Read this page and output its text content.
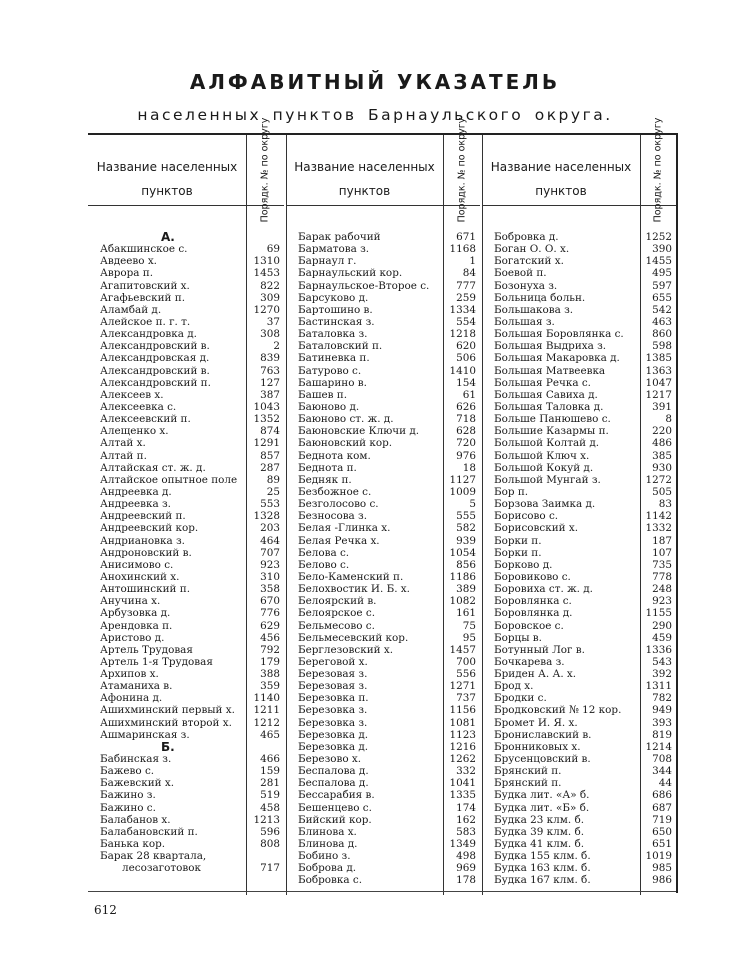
АЛФАВИТНЫЙ УКАЗАТЕЛЬ
населенных пунктов Барнаульского округа.
Название населенных пунктов	Порядк. № по округу
А.
Абакшинское с.	69
Авдеево х.	1310
Аврора п.	1453
Агапитовский х.	822
Агафьевский п.	309
Аламбай д.	1270
Алейское п. г. т.	37
Александровка д.	308
Александровский в.	2
Александровская д.	839
Александровский в.	763
Александровский п.	127
Алексеев х.	387
Алексеевка с.	1043
Алексеевский п.	1352
Алещенко х.	874
Алтай х.	1291
Алтай п.	857
Алтайская ст. ж. д.	287
Алтайское опытное поле	89
Андреевка д.	25
Андреевка з.	553
Андреевский п.	1328
Андреевский кор.	203
Андриановка з.	464
Андроновский в.	707
Анисимово с.	923
Анохинский х.	310
Антошинский п.	358
Анучина х.	670
Арбузовка д.	776
Арендовка п.	629
Аристово д.	456
Артель Трудовая	792
Артель 1-я Трудовая	179
Архипов х.	388
Атаманиха в.	359
Афонина д.	1140
Ашихминский первый х.	1211
Ашихминский второй х.	1212
Ашмаринская з.	465
Б.
Бабинская з.	466
Бажево с.	159
Бажевский х.	281
Бажино з.	519
Бажино с.	458
Балабанов х.	1213
Балабановский п.	596
Банька кор.	808
Барак 28 квартала,
лесозаготовок	717
Название населенных пунктов	Порядк. № по округу
Барак рабочий	671
Барматова з.	1168
Барнаул г.	1
Барнаульский кор.	84
Барнаульское-Второе с.	777
Барсуково д.	259
Бартошино в.	1334
Бастинская з.	554
Баталовка з.	1218
Баталовский п.	620
Батиневка п.	506
Батурово с.	1410
Башарино в.	154
Башев п.	61
Баюново д.	626
Баюново ст. ж. д.	718
Баюновские Ключи д.	628
Баюновский кор.	720
Беднота ком.	976
Беднота п.	18
Бедняк п.	1127
Безбожное с.	1009
Безголосово с.	5
Безносова з.	555
Белая -Глинка х.	582
Белая Речка х.	939
Белова с.	1054
Белово с.	856
Бело-Каменский п.	1186
Белохвостик И. Б. х.	389
Белоярский в.	1082
Белоярское с.	161
Бельмесово с.	75
Бельмесевский кор.	95
Берглезовский х.	1457
Береговой х.	700
Березовая з.	556
Березовая з.	1271
Березовка п.	737
Березовка з.	1156
Березовка з.	1081
Березовка д.	1123
Березовка д.	1216
Березово х.	1262
Беспалова д.	332
Беспалова д.	1041
Бессарабия в.	1335
Бешенцево с.	174
Бийский кор.	162
Блинова х.	583
Блинова д.	1349
Бобино з.	498
Боброва д.	969
Бобровка с.	178
Название населенных пунктов	Порядк. № по округу
Бобровка д.	1252
Боган О. О. х.	390
Богатский х.	1455
Боевой п.	495
Бозонуха з.	597
Больница больн.	655
Большакова з.	542
Большая з.	463
Большая Боровлянка с.	860
Большая Выдриха з.	598
Большая Макаровка д.	1385
Большая Матвеевка	1363
Большая Речка с.	1047
Большая Савиха д.	1217
Большая Таловка д.	391
Больше Панюшево с.	8
Большие Казармы п.	220
Большой Колтай д.	486
Большой Ключ х.	385
Большой Кокуй д.	930
Большой Мунгай з.	1272
Бор п.	505
Борзова Заимка д.	83
Борисово с.	1142
Борисовский х.	1332
Борки п.	187
Борки п.	107
Борково д.	735
Боровиково с.	778
Боровиха ст. ж. д.	248
Боровлянка с.	923
Боровлянка д.	1155
Боровское с.	290
Борцы в.	459
Ботунный Лог в.	1336
Бочкарева з.	543
Бриден А. А. х.	392
Брод х.	1311
Бродки с.	782
Бродковский № 12 кор.	949
Бромет И. Я. х.	393
Брониславский в.	819
Бронниковых х.	1214
Брусенцовский в.	708
Брянский п.	344
Брянский п.	44
Будка лит. «А» б.	686
Будка лит. «Б» б.	687
Будка 23 клм. б.	719
Будка 39 клм. б.	650
Будка 41 клм. б.	651
Будка 155 клм. б.	1019
Будка 163 клм. б.	985
Будка 167 клм. б.	986
612
